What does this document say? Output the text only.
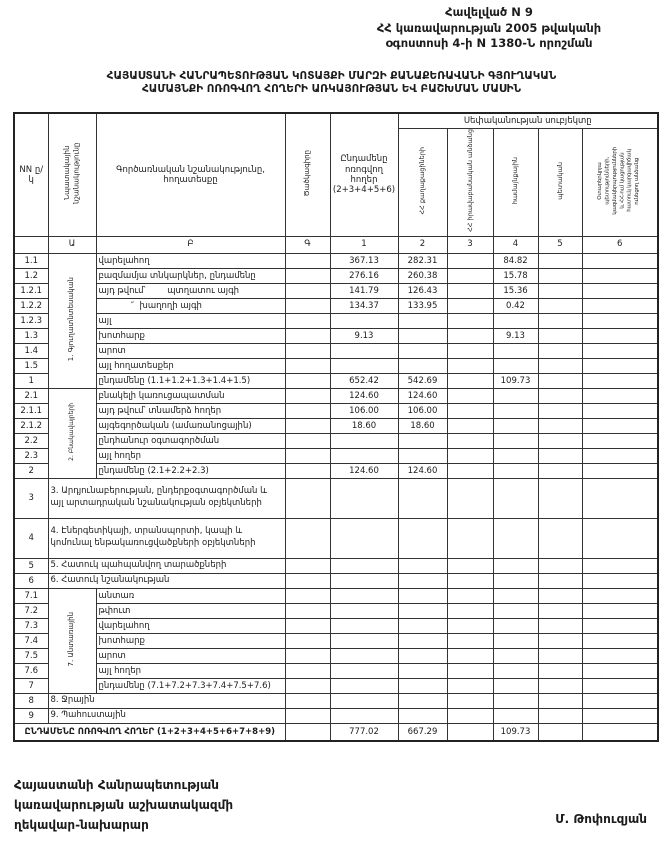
Հավելված N 9
ՀՀ կառավարության 2005 թվականի
օգոստոսի 4-ի N 1380-Ն որոշման
ՀԱՅԱՍՏԱՆԻ ՀԱՆՐԱՊԵՏՈՒԹՅԱՆ ԿՈՏԱՅՔԻ ՄԱՐԶԻ ՔԱՆԱՔԵՌԱՎԱՆԻ ԳՅՈՒՂԱԿԱՆ
ՀԱՄԱՅՆՔԻ ՈՌՈԳՎՈՂ ՀՈՂԵՐԻ ԱՌԿԱՅՈՒԹՅԱՆ ԵՎ ԲԱՇԽՄԱՆ ՄԱՍԻՆ
NN ը/կ	Նպատակային նշանակությունը	Գործառնական նշանակությունը, հողատեսքը	Ծածկագիրը	Ընդամենը ոռոգվող հողեր (2+3+4+5+6)	Սեփականության սուբյեկտը				
ՀՀ քաղաքացիների	ՀՀ իրավաբանական անձանց	համայնքային	պետական	Օտարերկրյա պետությունների, կազմակերպությունների և ՀՀ-ում կացության հատուկ կարգավիճակ ունեցող անձանց

	Ա	Բ	Գ	1	2	3	4	5	6
1.1	1. Գյուղատնտեսական	վարելահող		367.13	282.31		84.82		
1.2		բազմամյա տնկարկներ, ընդամենը		276.16	260.38		15.78		
1.2.1		այդ թվում՝        պտղատու այգի		141.79	126.43		15.36		
1.2.2		″  խաղողի այգի		134.37	133.95		0.42		
1.2.3		այլ							
1.3		խոտհարք		9.13			9.13		
1.4		արոտ							
1.5		այլ հողատեսքեր							
1		ընդամենը (1.1+1.2+1.3+1.4+1.5)		652.42	542.69		109.73		
2.1	2. Բնակավայրերի	բնակելի կառուցապատման		124.60	124.60				
2.1.1		այդ թվում՝ տնամերձ հողեր		106.00	106.00				
2.1.2		այգեգործական (ամառանոցային)		18.60	18.60				
2.2		ընդհանուր օգտագործման							
2.3		այլ հողեր							
2		ընդամենը (2.1+2.2+2.3)		124.60	124.60				
3	3. Արդյունաբերության, ընդերքօգտագործման և այլ արտադրական նշանակության օբյեկտների								
4	4. Էներգետիկայի, տրանսպորտի, կապի և կոմունալ ենթակառուցվածքների օբյեկտների								
5	5. Հատուկ պահպանվող տարածքների								
6	6. Հատուկ նշանակության								
7.1	7. Անտառային	անտառ							
7.2		թփուտ							
7.3		վարելահող							
7.4		խոտհարք							
7.5		արոտ							
7.6		այլ հողեր							
7		ընդամենը (7.1+7.2+7.3+7.4+7.5+7.6)							
8	8. Ջրային								
9	9. Պահուստային								
ԸՆԴԱՄԵՆԸ ՈՌՈԳՎՈՂ ՀՈՂԵՐ (1+2+3+4+5+6+7+8+9)				777.02	667.29		109.73		
Հայաստանի Հանրապետության
կառավարության աշխատակազմի
ղեկավար-նախարար	Մ. Թոփուզյան
